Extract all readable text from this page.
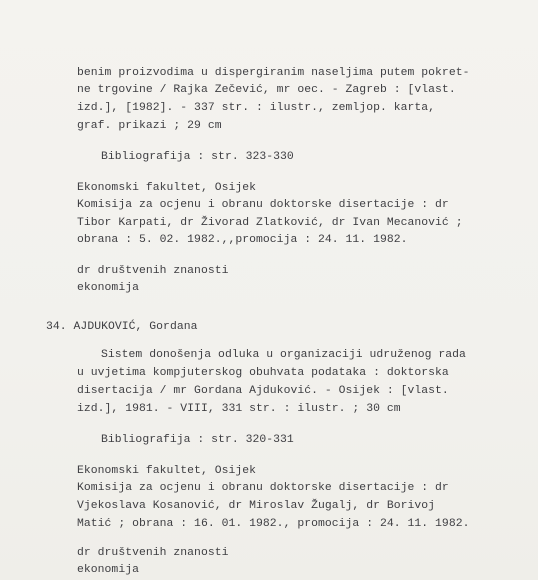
benim proizvodima u dispergiranim naseljima putem pokret-
ne trgovine / Rajka Zečević, mr oec. - Zagreb : [vlast.
izd.], [1982]. - 337 str. : ilustr., zemljop. karta,
graf. prikazi ; 29 cm
Bibliografija : str. 323-330
Ekonomski fakultet, Osijek
Komisija za ocjenu i obranu doktorske disertacije : dr
Tibor Karpati, dr Živorad Zlatković, dr Ivan Mecanović ;
obrana : 5. 02. 1982.,,promocija : 24. 11. 1982.
dr društvenih znanosti
ekonomija
34. AJDUKOVIĆ, Gordana
Sistem donošenja odluka u organizaciji udruženog rada
u uvjetima kompjuterskog obuhvata podataka : doktorska
disertacija / mr Gordana Ajduković. - Osijek : [vlast.
izd.], 1981. - VIII, 331 str. : ilustr. ; 30 cm
Bibliografija : str. 320-331
Ekonomski fakultet, Osijek
Komisija za ocjenu i obranu doktorske disertacije : dr
Vjekoslava Kosanović, dr Miroslav Žugalj, dr Borivoj
Matić ; obrana : 16. 01. 1982., promocija : 24. 11. 1982.
dr društvenih znanosti
ekonomija
